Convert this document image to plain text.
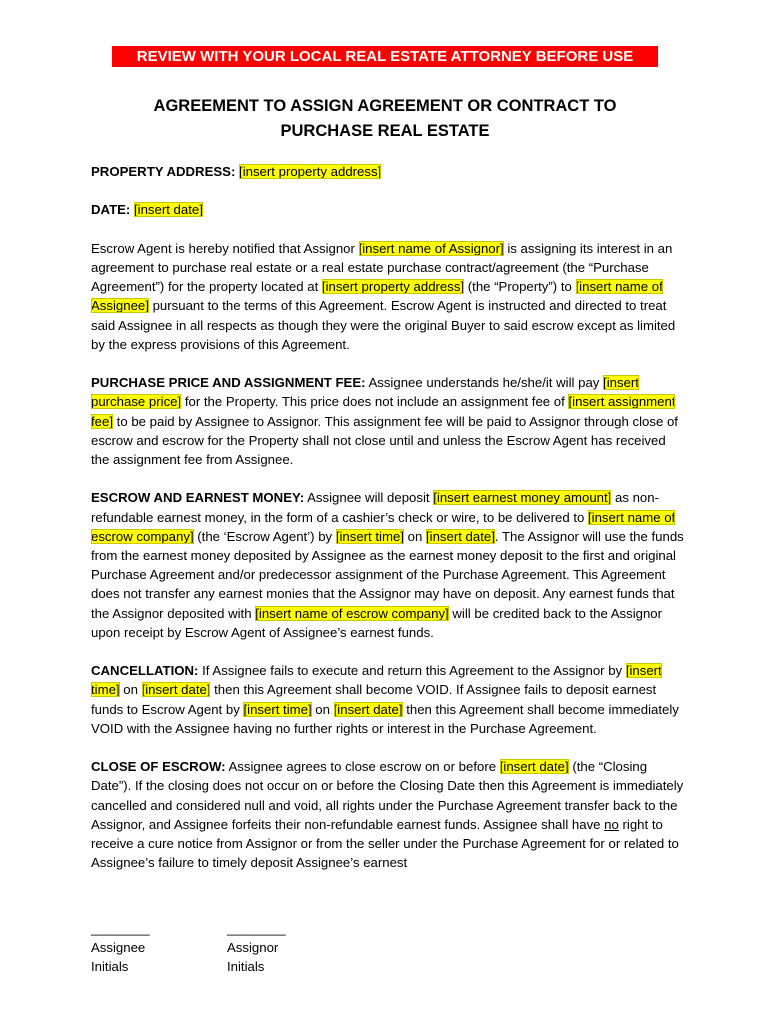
REVIEW WITH YOUR LOCAL REAL ESTATE ATTORNEY BEFORE USE
AGREEMENT TO ASSIGN AGREEMENT OR CONTRACT TO
PURCHASE REAL ESTATE

PROPERTY ADDRESS: [insert property address]

DATE: [insert date]

Escrow Agent is hereby notified that Assignor [insert name of Assignor] is assigning its interest in an agreement to purchase real estate or a real estate purchase contract/agreement (the “Purchase Agreement”) for the property located at [insert property address] (the “Property”) to [insert name of Assignee] pursuant to the terms of this Agreement. Escrow Agent is instructed and directed to treat said Assignee in all respects as though they were the original Buyer to said escrow except as limited by the express provisions of this Agreement.

PURCHASE PRICE AND ASSIGNMENT FEE: Assignee understands he/she/it will pay [insert purchase price] for the Property. This price does not include an assignment fee of [insert assignment fee] to be paid by Assignee to Assignor. This assignment fee will be paid to Assignor through close of escrow and escrow for the Property shall not close until and unless the Escrow Agent has received the assignment fee from Assignee.

ESCROW AND EARNEST MONEY: Assignee will deposit [insert earnest money amount] as non-refundable earnest money, in the form of a cashier’s check or wire, to be delivered to [insert name of escrow company] (the ‘Escrow Agent’) by [insert time] on [insert date]. The Assignor will use the funds from the earnest money deposited by Assignee as the earnest money deposit to the first and original Purchase Agreement and/or predecessor assignment of the Purchase Agreement. This Agreement does not transfer any earnest monies that the Assignor may have on deposit. Any earnest funds that the Assignor deposited with [insert name of escrow company] will be credited back to the Assignor upon receipt by Escrow Agent of Assignee’s earnest funds.

CANCELLATION: If Assignee fails to execute and return this Agreement to the Assignor by [insert time] on [insert date] then this Agreement shall become VOID. If Assignee fails to deposit earnest funds to Escrow Agent by [insert time] on [insert date] then this Agreement shall become immediately VOID with the Assignee having no further rights or interest in the Purchase Agreement.

CLOSE OF ESCROW: Assignee agrees to close escrow on or before [insert date] (the “Closing Date”). If the closing does not occur on or before the Closing Date then this Agreement is immediately cancelled and considered null and void, all rights under the Purchase Agreement transfer back to the Assignor, and Assignee forfeits their non-refundable earnest funds. Assignee shall have no right to receive a cure notice from Assignor or from the seller under the Purchase Agreement for or related to Assignee’s failure to timely deposit Assignee’s earnest

________
Assignee
Initials
________
Assignor
Initials
